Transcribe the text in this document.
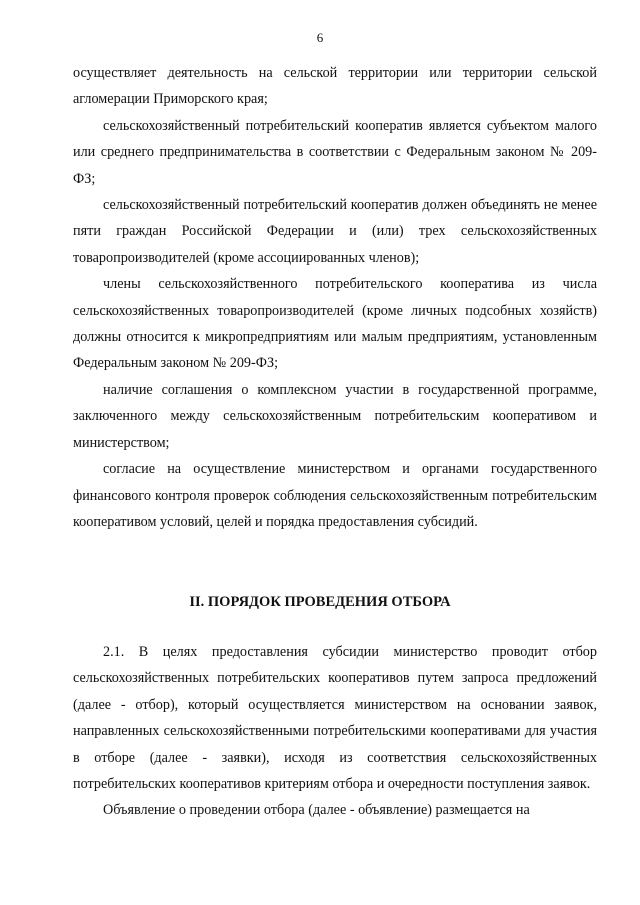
6

осуществляет деятельность на сельской территории или территории сельской агломерации Приморского края;

сельскохозяйственный потребительский кооператив является субъектом малого или среднего предпринимательства в соответствии с Федеральным законом № 209-ФЗ;

сельскохозяйственный потребительский кооператив должен объединять не менее пяти граждан Российской Федерации и (или) трех сельскохозяйственных товаропроизводителей (кроме ассоциированных членов);

члены сельскохозяйственного потребительского кооператива из числа сельскохозяйственных товаропроизводителей (кроме личных подсобных хозяйств) должны относится к микропредприятиям или малым предприятиям, установленным Федеральным законом № 209-ФЗ;

наличие соглашения о комплексном участии в государственной программе, заключенного между сельскохозяйственным потребительским кооперативом и министерством;

согласие на осуществление министерством и органами государственного финансового контроля проверок соблюдения сельскохозяйственным потребительским кооперативом условий, целей и порядка предоставления субсидий.

II. ПОРЯДОК ПРОВЕДЕНИЯ ОТБОРА

2.1. В целях предоставления субсидии министерство проводит отбор сельскохозяйственных потребительских кооперативов путем запроса предложений (далее - отбор), который осуществляется министерством на основании заявок, направленных сельскохозяйственными потребительскими кооперативами для участия в отборе (далее - заявки), исходя из соответствия сельскохозяйственных потребительских кооперативов критериям отбора и очередности поступления заявок.

Объявление о проведении отбора (далее - объявление) размещается на
